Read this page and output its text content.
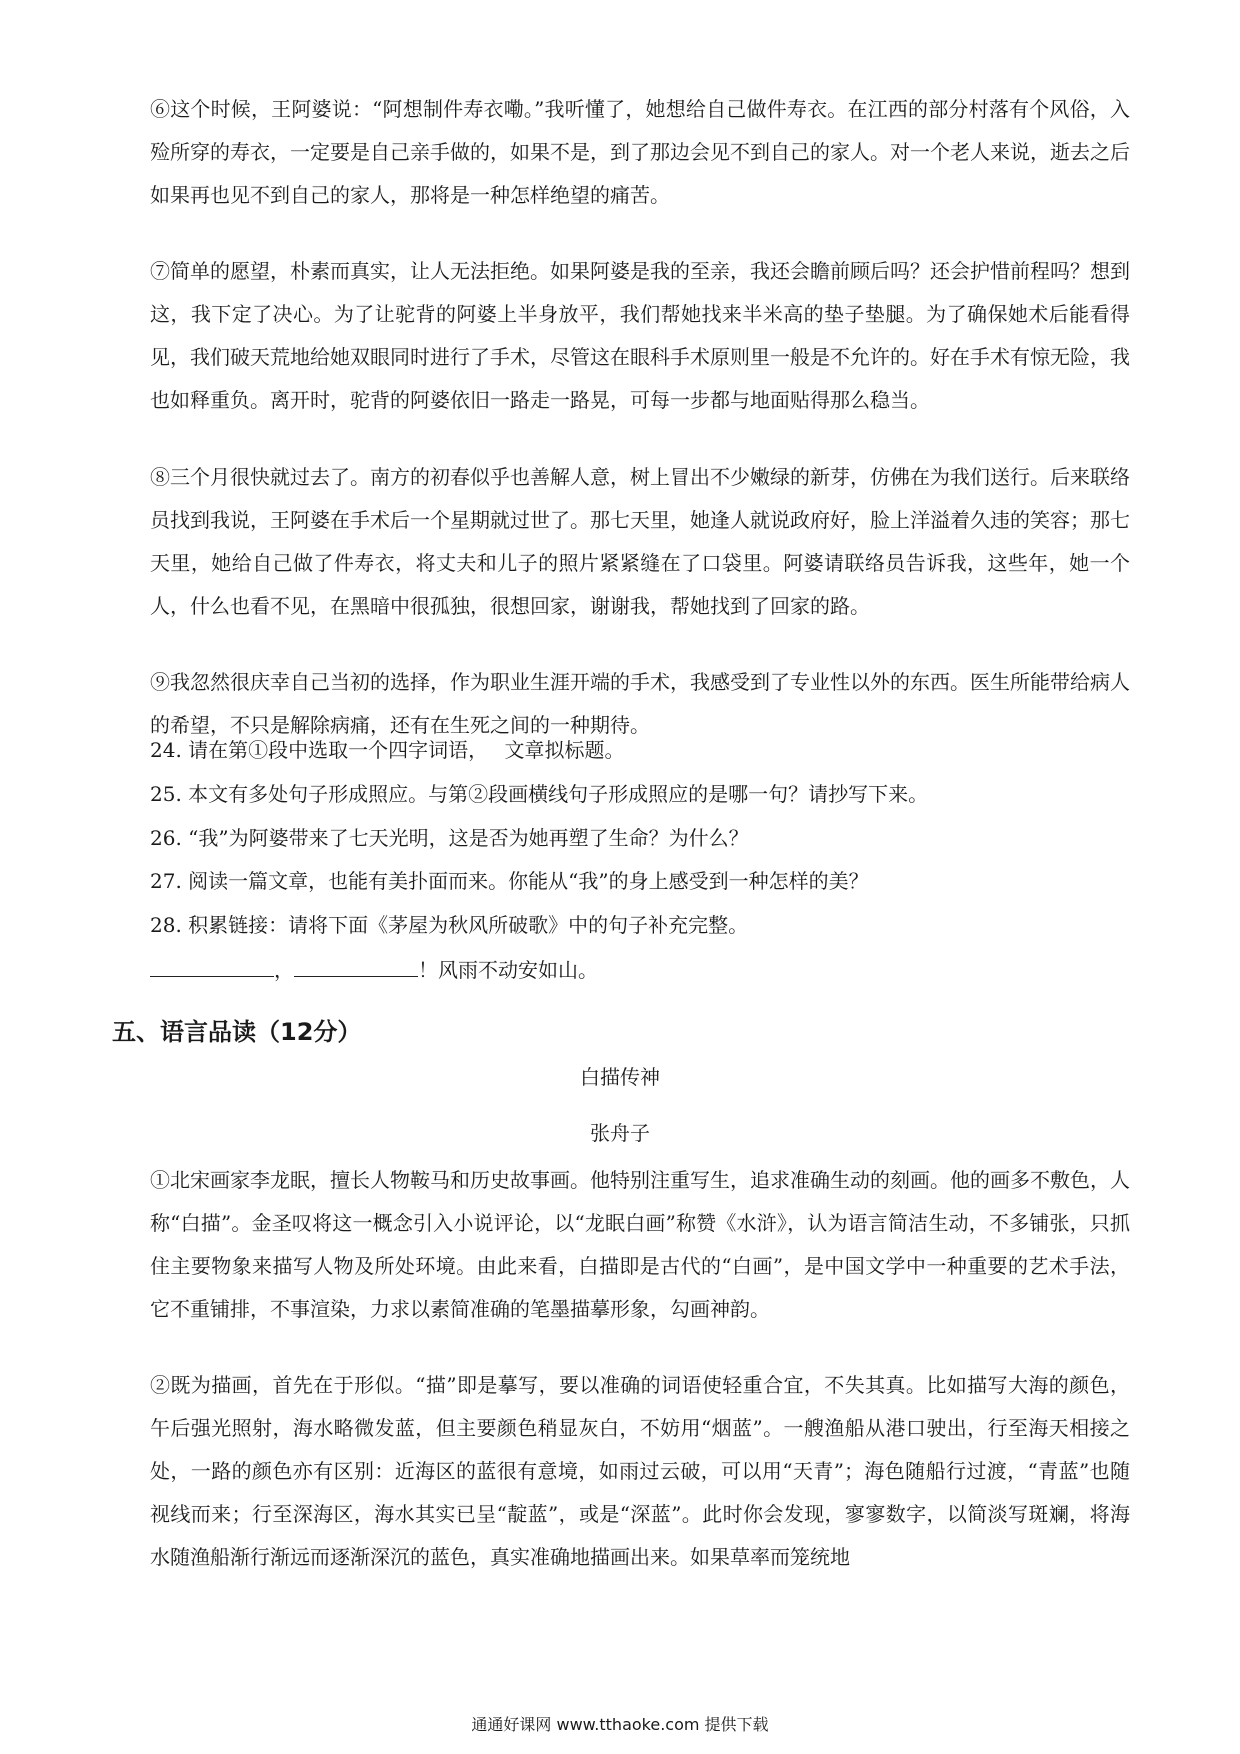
⑥这个时候，王阿婆说：“阿想制件寿衣嘞。”我听懂了，她想给自己做件寿衣。在江西的部分村落有个风俗，入殓所穿的寿衣，一定要是自己亲手做的，如果不是，到了那边会见不到自己的家人。对一个老人来说，逝去之后如果再也见不到自己的家人，那将是一种怎样绝望的痛苦。

⑦简单的愿望，朴素而真实，让人无法拒绝。如果阿婆是我的至亲，我还会瞻前顾后吗？还会护惜前程吗？想到这，我下定了决心。为了让驼背的阿婆上半身放平，我们帮她找来半米高的垫子垫腿。为了确保她术后能看得见，我们破天荒地给她双眼同时进行了手术，尽管这在眼科手术原则里一般是不允许的。好在手术有惊无险，我也如释重负。离开时，驼背的阿婆依旧一路走一路晃，可每一步都与地面贴得那么稳当。

⑧三个月很快就过去了。南方的初春似乎也善解人意，树上冒出不少嫩绿的新芽，仿佛在为我们送行。后来联络员找到我说，王阿婆在手术后一个星期就过世了。那七天里，她逢人就说政府好，脸上洋溢着久违的笑容；那七天里，她给自己做了件寿衣，将丈夫和儿子的照片紧紧缝在了口袋里。阿婆请联络员告诉我，这些年，她一个人，什么也看不见，在黑暗中很孤独，很想回家，谢谢我，帮她找到了回家的路。

⑨我忽然很庆幸自己当初的选择，作为职业生涯开端的手术，我感受到了专业性以外的东西。医生所能带给病人的希望，不只是解除病痛，还有在生死之间的一种期待。

24. 请在第①段中选取一个四字词语，　 文章拟标题。

25. 本文有多处句子形成照应。与第②段画横线句子形成照应的是哪一句？请抄写下来。

26. “我”为阿婆带来了七天光明，这是否为她再塑了生命？为什么？

27. 阅读一篇文章，也能有美扑面而来。你能从“我”的身上感受到一种怎样的美？

28. 积累链接：请将下面《茅屋为秋风所破歌》中的句子补充完整。

，	！风雨不动安如山。

五、语言品读（12分）

白描传神

张舟子

①北宋画家李龙眠，擅长人物鞍马和历史故事画。他特别注重写生，追求准确生动的刻画。他的画多不敷色，人称“白描”。金圣叹将这一概念引入小说评论，以“龙眠白画”称赞《水浒》，认为语言简洁生动，不多铺张，只抓住主要物象来描写人物及所处环境。由此来看，白描即是古代的“白画”，是中国文学中一种重要的艺术手法，它不重铺排，不事渲染，力求以素简准确的笔墨描摹形象，勾画神韵。

②既为描画，首先在于形似。“描”即是摹写，要以准确的词语使轻重合宜，不失其真。比如描写大海的颜色，午后强光照射，海水略微发蓝，但主要颜色稍显灰白，不妨用“烟蓝”。一艘渔船从港口驶出，行至海天相接之处，一路的颜色亦有区别：近海区的蓝很有意境，如雨过云破，可以用“天青”；海色随船行过渡，“青蓝”也随视线而来；行至深海区，海水其实已呈“靛蓝”，或是“深蓝”。此时你会发现，寥寥数字，以简淡写斑斓，将海水随渔船渐行渐远而逐渐深沉的蓝色，真实准确地描画出来。如果草率而笼统地

通通好课网 www.tthaoke.com 提供下载
